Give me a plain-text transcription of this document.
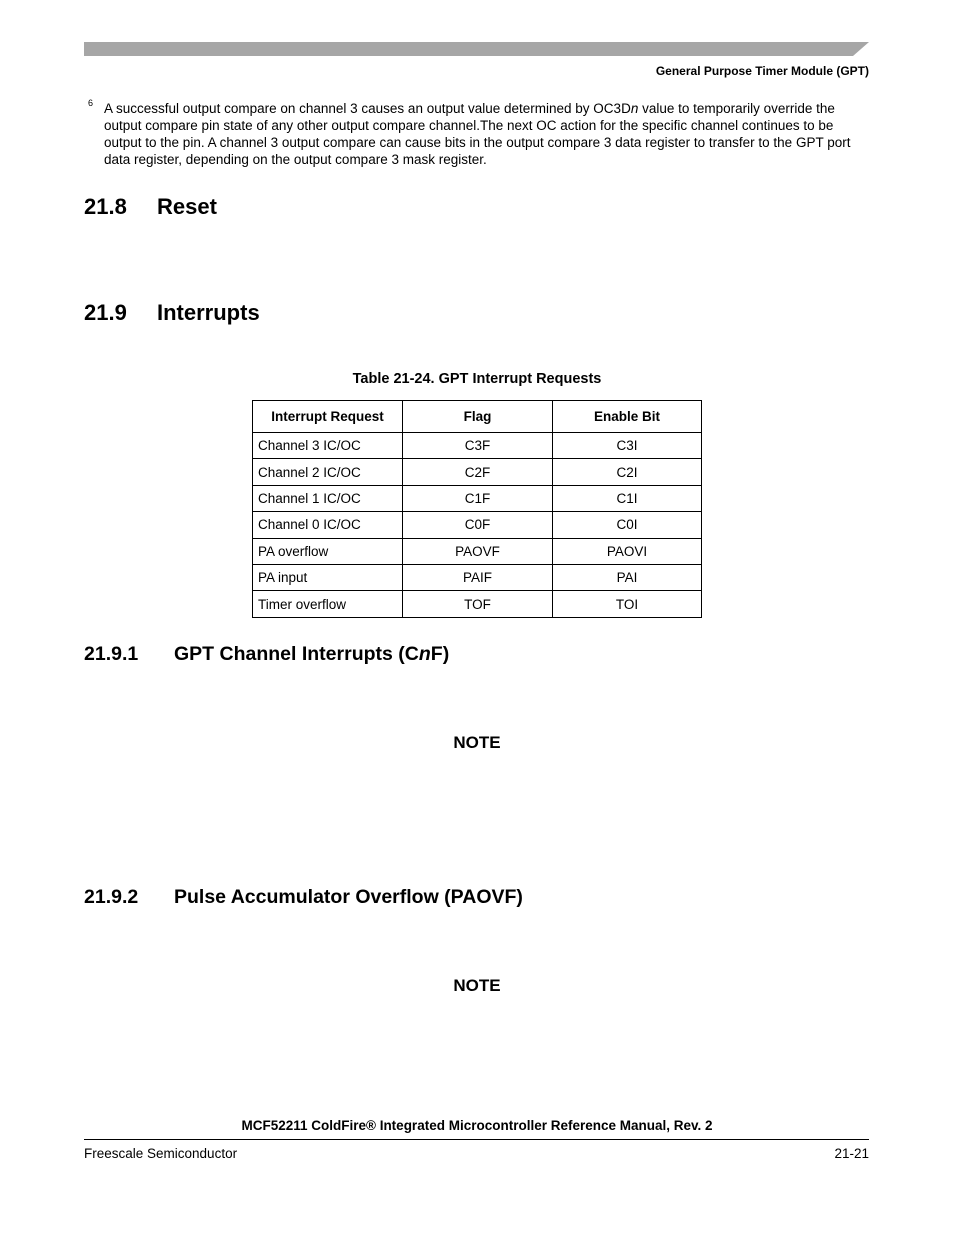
General Purpose Timer Module (GPT)
6 A successful output compare on channel 3 causes an output value determined by OC3Dn value to temporarily override the output compare pin state of any other output compare channel.The next OC action for the specific channel continues to be output to the pin. A channel 3 output compare can cause bits in the output compare 3 data register to transfer to the GPT port data register, depending on the output compare 3 mask register.
21.8 Reset
21.9 Interrupts
Table 21-24. GPT Interrupt Requests
Interrupt Request	Flag	Enable Bit
Channel 3 IC/OC	C3F	C3I
Channel 2 IC/OC	C2F	C2I
Channel 1 IC/OC	C1F	C1I
Channel 0 IC/OC	C0F	C0I
PA overflow	PAOVF	PAOVI
PA input	PAIF	PAI
Timer overflow	TOF	TOI
21.9.1 GPT Channel Interrupts (CnF)
NOTE
21.9.2 Pulse Accumulator Overflow (PAOVF)
NOTE
MCF52211 ColdFire® Integrated Microcontroller Reference Manual, Rev. 2
Freescale Semiconductor	21-21
